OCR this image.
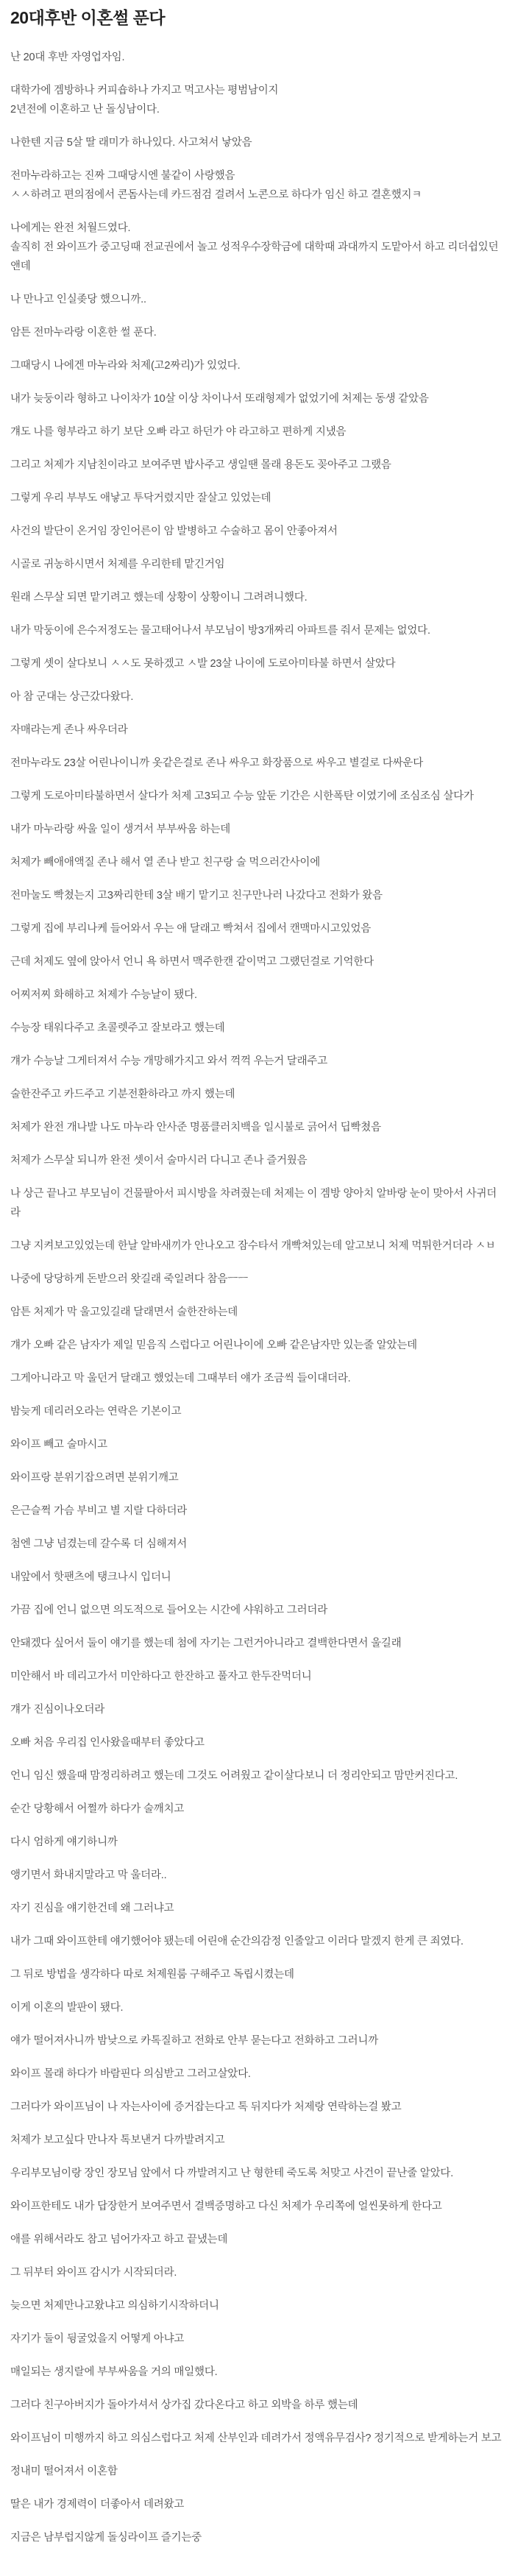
20대후반 이혼썰 푼다

난 20대 후반 자영업자임.

대학가에 겜방하나 커피숍하나 가지고 먹고사는 평범남이지
2년전에 이혼하고 난 돌싱남이다.

나한텐 지금 5살 딸 래미가 하나있다. 사고쳐서 낳았음

전마누라하고는 진짜 그때당시엔 불같이 사랑했음
ㅅㅅ하려고 편의점에서 콘돔사는데 카드점검 걸려서 노콘으로 하다가 임신 하고 결혼했지ㅋ

나에게는 완전 처월드였다.
솔직히 전 와이프가 중고딩때 전교권에서 놀고 성적우수장학금에 대학때 과대까지 도맡아서 하고 리더쉽있던 앤데

나 만나고 인실좆당 했으니까..

암튼 전마누라랑 이혼한 썰 푼다.

그때당시 나에겐 마누라와 처제(고2짜리)가 있었다.

내가 늦둥이라 형하고 나이차가 10살 이상 차이나서 또래형제가 없었기에 처제는 동생 같았음

걔도 나를 형부라고 하기 보단 오빠 라고 하던가 야 라고하고 편하게 지냈음

그리고 처제가 지남친이라고 보여주면 밥사주고 생일땐 몰래 용돈도 꽂아주고 그랬음

그렇게 우리 부부도 애낳고 투닥거렸지만 잘살고 있었는데

사건의 발단이 온거임 장인어른이 암 발병하고 수술하고 몸이 안좋아져서

시골로 귀농하시면서 처제를 우리한테 맡긴거임

원래 스무살 되면 맡기려고 했는데 상황이 상황이니 그려려니했다.

내가 막둥이에 은수저정도는 물고태어나서 부모님이 방3개짜리 아파트를 줘서 문제는 없었다.

그렇게 셋이 살다보니 ㅅㅅ도 못하겠고 ㅅ발 23살 나이에 도로아미타불 하면서 살았다

아 참 군대는 상근갔다왔다.

자매라는게 존나 싸우더라

전마누라도 23살 어린나이니까 옷같은걸로 존나 싸우고 화장품으로 싸우고 별걸로 다싸운다

그렇게 도로아미타불하면서 살다가 처제 고3되고 수능 앞둔 기간은 시한폭탄 이였기에 조심조심 살다가

내가 마누라랑 싸울 일이 생겨서 부부싸움 하는데

처제가 빼애애액질 존나 해서 열 존나 받고 친구랑 술 먹으러간사이에

전마눌도 빡쳤는지 고3짜리한테 3살 배기 맡기고 친구만나러 나갔다고 전화가 왔음

그렇게 집에 부리나케 들어와서 우는 애 달래고 빡쳐서 집에서 캔맥마시고있었음

근데 처제도 옆에 앉아서 언니 욕 하면서 맥주한캔 같이먹고 그랬던걸로 기억한다

어찌저찌 화해하고 처제가 수능날이 됐다.

수능장 태워다주고 초콜렛주고 잘보라고 했는데

걔가 수능날 그게터져서 수능 개망해가지고 와서 꺽꺽 우는거 달래주고

술한잔주고 카드주고 기분전환하라고 까지 했는데

처제가 완전 개나발 나도 마누라 안사준 명품클러치백을 일시불로 긁어서 딥빡쳤음

처제가 스무살 되니까 완전 셋이서 술마시러 다니고 존나 즐거웠음

나 상근 끝나고 부모님이 건물팔아서 피시방을 차려줬는데 처제는 이 겜방 양아치 알바랑 눈이 맞아서 사귀더라

그냥 지켜보고있었는데 한날 알바새끼가 안나오고 잠수타서 개빡쳐있는데 알고보니 처제 먹튀한거더라 ㅅㅂ

나중에 당당하게 돈받으러 왓길래 죽일려다 참음ㅡㅡ

암튼 처제가 막 울고있길래 달래면서 술한잔하는데

걔가 오빠 같은 남자가 제일 믿음직 스럽다고 어린나이에 오빠 같은남자만 있는줄 알았는데

그게아니라고 막 울던거 달래고 했었는데 그때부터 얘가 조금씩 들이대더라.

밤늦게 데리러오라는 연락은 기본이고

와이프 빼고 술마시고

와이프랑 분위기잡으려면 분위기깨고

은근슬쩍 가슴 부비고 별 지랄 다하더라

첨엔 그냥 넘겼는데 갈수록 더 심해져서

내앞에서 핫팬츠에 탱크나시 입더니

가끔 집에 언니 없으면 의도적으로 들어오는 시간에 샤워하고 그러더라

안돼겠다 싶어서 둘이 얘기를 했는데 첨에 자기는 그런거아니라고 결백한다면서 울길래

미안해서 바 데리고가서 미안하다고 한잔하고 풀자고 한두잔먹더니

걔가 진심이나오더라

오빠 처음 우리집 인사왔을때부터 좋았다고

언니 임신 했을때 맘정리하려고 했는데 그것도 어려웠고 같이살다보니 더 정리안되고 맘만커진다고.

순간 당황해서 어쩔까 하다가 술깨치고

다시 엄하게 얘기하니까

앵기면서 화내지말라고 막 울더라..

자기 진심을 얘기한건데 왜 그러냐고

내가 그때 와이프한테 얘기했어야 됐는데 어린애 순간의감정 인줄알고 이러다 말겠지 한게 큰 죄였다.

그 뒤로 방법을 생각하다 따로 처제원룸 구해주고 독립시켰는데

이게 이혼의 발판이 됐다.

얘가 떨어져사니까 밤낮으로 카톡질하고 전화로 안부 묻는다고 전화하고 그러니까

와이프 몰래 하다가 바람핀다 의심받고 그러고살았다.

그러다가 와이프님이 나 자는사이에 증거잡는다고 톡 뒤지다가 처제랑 연락하는걸 봤고

처제가 보고싶다 만나자 톡보낸거 다까발려지고

우리부모님이랑 장인 장모님 앞에서 다 까발려지고 난 형한테 죽도록 처맞고 사건이 끝난줄 알았다.

와이프한테도 내가 답장한거 보여주면서 결백증명하고 다신 처제가 우리쪽에 얼씬못하게 한다고

애를 위해서라도 참고 넘어가자고 하고 끝냈는데

그 뒤부터 와이프 감시가 시작되더라.

늦으면 처제만나고왔냐고 의심하기시작하더니

자기가 둘이 뒹굴었을지 어떻게 아냐고

매일되는 생지랄에 부부싸움을 거의 매일했다.

그러다 친구아버지가 돌아가셔서 상가집 갔다온다고 하고 외박을 하루 했는데

와이프님이 미행까지 하고 의심스럽다고 처제 산부인과 데려가서 정액유무검사? 정기적으로 받게하는거 보고

정내미 떨어져서 이혼함

딸은 내가 경제력이 더좋아서 데려왔고

지금은 남부럽지않게 돌싱라이프 즐기는중
